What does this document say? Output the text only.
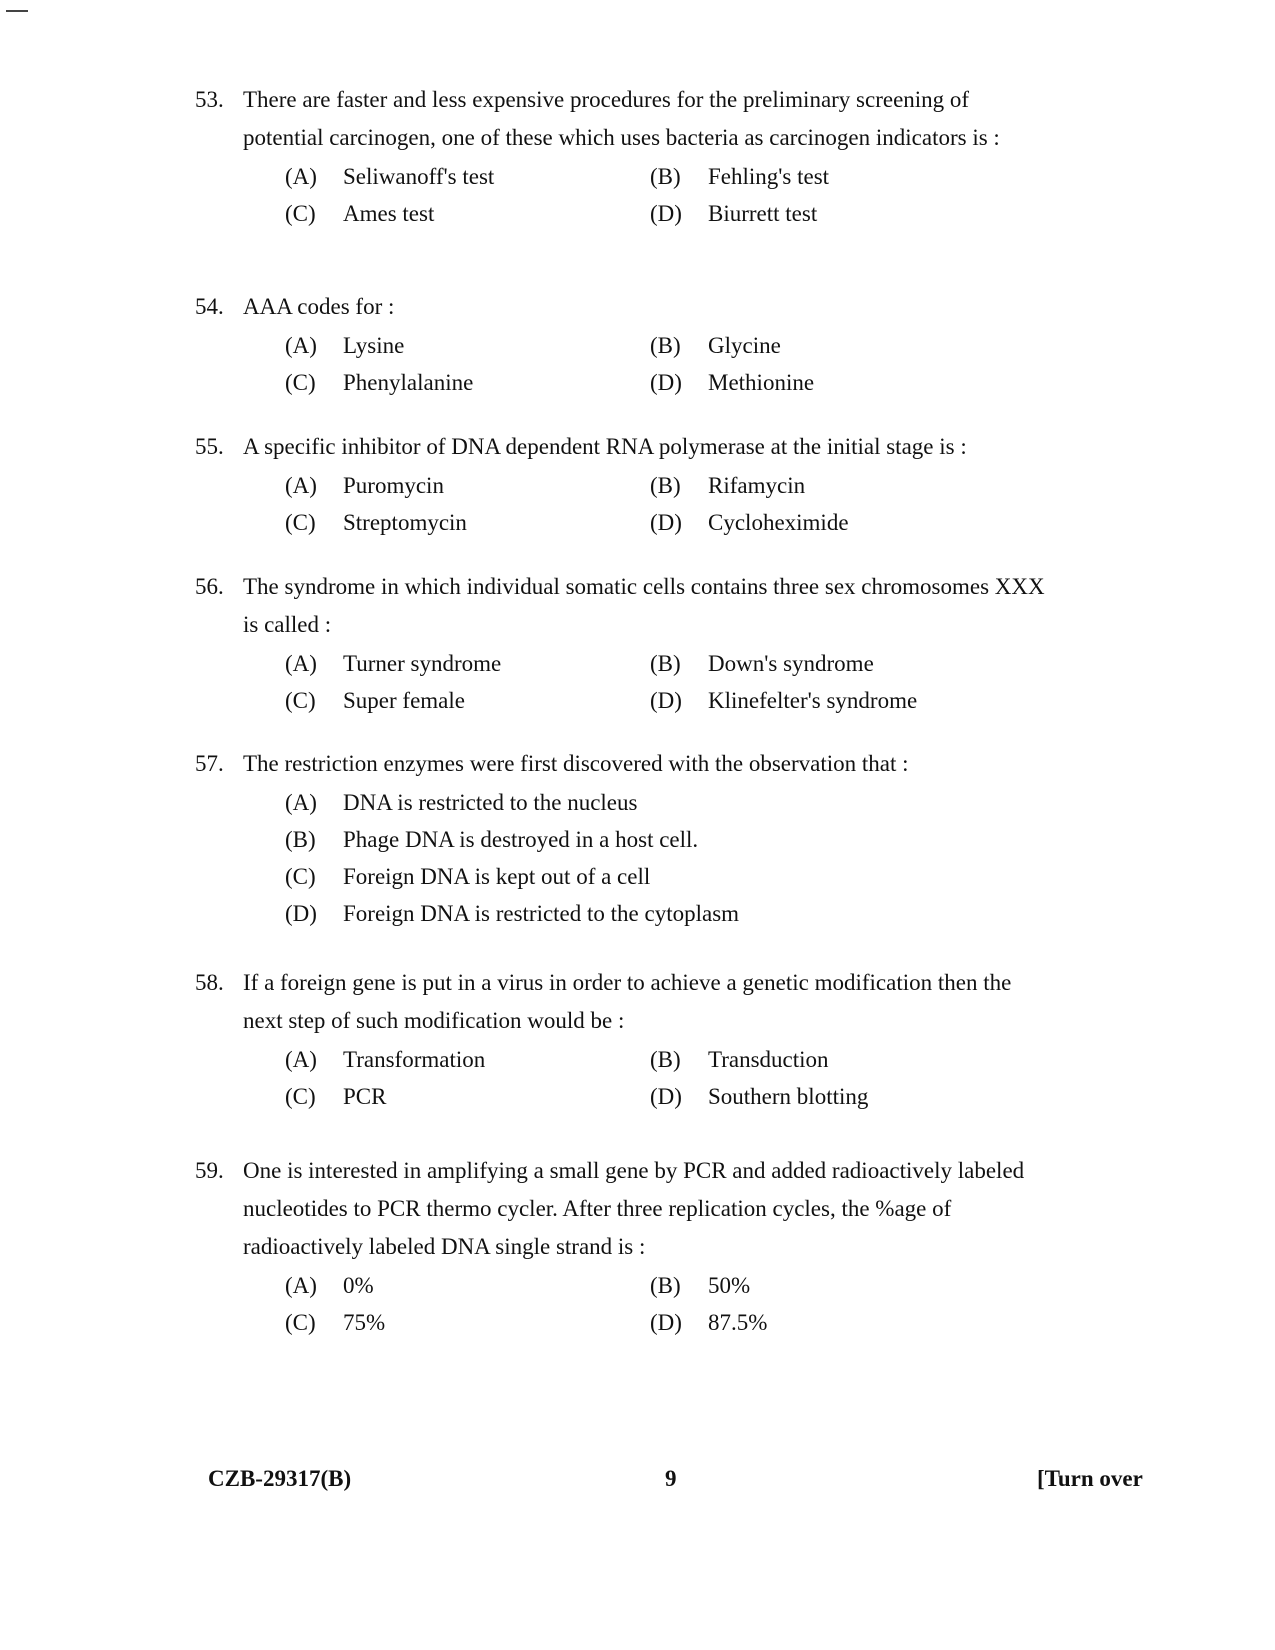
53. There are faster and less expensive procedures for the preliminary screening of potential carcinogen, one of these which uses bacteria as carcinogen indicators is :
(A)	Seliwanoff's test	(B)	Fehling's test
(C)	Ames test	(D)	Biurrett test
54. AAA codes for :
(A)	Lysine	(B)	Glycine
(C)	Phenylalanine	(D)	Methionine
55. A specific inhibitor of DNA dependent RNA polymerase at the initial stage is :
(A)	Puromycin	(B)	Rifamycin
(C)	Streptomycin	(D)	Cycloheximide
56. The syndrome in which individual somatic cells contains three sex chromosomes XXX is called :
(A)	Turner syndrome	(B)	Down's syndrome
(C)	Super female	(D)	Klinefelter's syndrome
57. The restriction enzymes were first discovered with the observation that :
(A)	DNA is restricted to the nucleus
(B)	Phage DNA is destroyed in a host cell.
(C)	Foreign DNA is kept out of a cell
(D)	Foreign DNA is restricted to the cytoplasm
58. If a foreign gene is put in a virus in order to achieve a genetic modification then the next step of such modification would be :
(A)	Transformation	(B)	Transduction
(C)	PCR	(D)	Southern blotting
59. One is interested in amplifying a small gene by PCR and added radioactively labeled nucleotides to PCR thermo cycler. After three replication cycles, the %age of radioactively labeled DNA single strand is :
(A)	0%	(B)	50%
(C)	75%	(D)	87.5%
CZB-29317(B)	9	[Turn over
